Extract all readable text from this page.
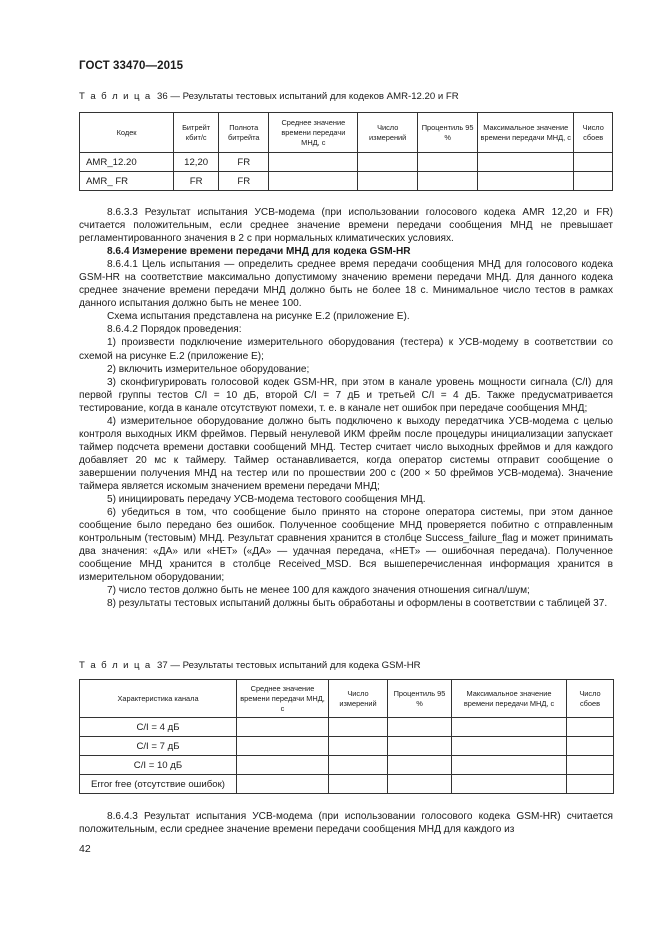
ГОСТ 33470—2015
Т а б л и ц а 36 — Результаты тестовых испытаний для кодеков AMR-12.20 и FR
Кодек	Битрейт кбит/с	Полнота битрейта	Среднее значение времени передачи МНД, с	Число измерений	Процентиль 95 %	Максимальное значение времени передачи МНД, с	Число сбоев
AMR_12.20	12,20	FR					
AMR_ FR	FR	FR					

8.6.3.3 Результат испытания УСВ-модема (при использовании голосового кодека AMR 12,20 и FR) считается положительным, если среднее значение времени передачи сообщения МНД не превышает регламентированного значения в 2 с при нормальных климатических условиях.

8.6.4 Измерение времени передачи МНД для кодека GSM-HR

8.6.4.1 Цель испытания — определить среднее время передачи сообщения МНД для голосового кодека GSM-HR на соответствие максимально допустимому значению времени передачи МНД. Для данного кодека среднее значение времени передачи МНД должно быть не более 18 с. Минимальное число тестов в рамках данного испытания должно быть не менее 100.

Схема испытания представлена на рисунке Е.2 (приложение Е).

8.6.4.2 Порядок проведения:

1) произвести подключение измерительного оборудования (тестера) к УСВ-модему в соответствии со схемой на рисунке Е.2 (приложение Е);

2) включить измерительное оборудование;

3) сконфигурировать голосовой кодек GSM-HR, при этом в канале уровень мощности сигнала (С/I) для первой группы тестов С/I = 10 дБ, второй С/I = 7 дБ и третьей С/I = 4 дБ. Также предусматривается тестирование, когда в канале отсутствуют помехи, т. е. в канале нет ошибок при передаче сообщения МНД;

4) измерительное оборудование должно быть подключено к выходу передатчика УСВ-модема с целью контроля выходных ИКМ фреймов. Первый ненулевой ИКМ фрейм после процедуры инициализации запускает таймер подсчета времени доставки сообщений МНД. Тестер считает число выходных фреймов и для каждого добавляет 20 мс к таймеру. Таймер останавливается, когда оператор системы отправит сообщение о завершении получения МНД на тестер или по прошествии 200 с (200 × 50 фреймов УСВ-модема). Значение таймера является искомым значением времени передачи МНД;

5) инициировать передачу УСВ-модема тестового сообщения МНД.

6) убедиться в том, что сообщение было принято на стороне оператора системы, при этом данное сообщение было передано без ошибок. Полученное сообщение МНД проверяется побитно с отправленным контрольным (тестовым) МНД. Результат сравнения хранится в столбце Success_failure_flag и может принимать два значения: «ДА» или «НЕТ» («ДА» — удачная передача, «НЕТ» — ошибочная передача). Полученное сообщение МНД хранится в столбце Received_MSD. Вся вышеперечисленная информация хранится в измерительном оборудовании;

7) число тестов должно быть не менее 100 для каждого значения отношения сигнал/шум;

8) результаты тестовых испытаний должны быть обработаны и оформлены в соответствии с таблицей 37.

Т а б л и ц а 37 — Результаты тестовых испытаний для кодека GSM-HR
Характеристика канала	Среднее значение времени передачи МНД, с	Число измерений	Процентиль 95 %	Максимальное значение времени передачи МНД, с	Число сбоев
С/I = 4 дБ					
С/I = 7 дБ					
С/I = 10 дБ					
Error free (отсутствие ошибок)					

8.6.4.3 Результат испытания УСВ-модема (при использовании голосового кодека GSM-HR) считается положительным, если среднее значение времени передачи сообщения МНД для каждого из

42
